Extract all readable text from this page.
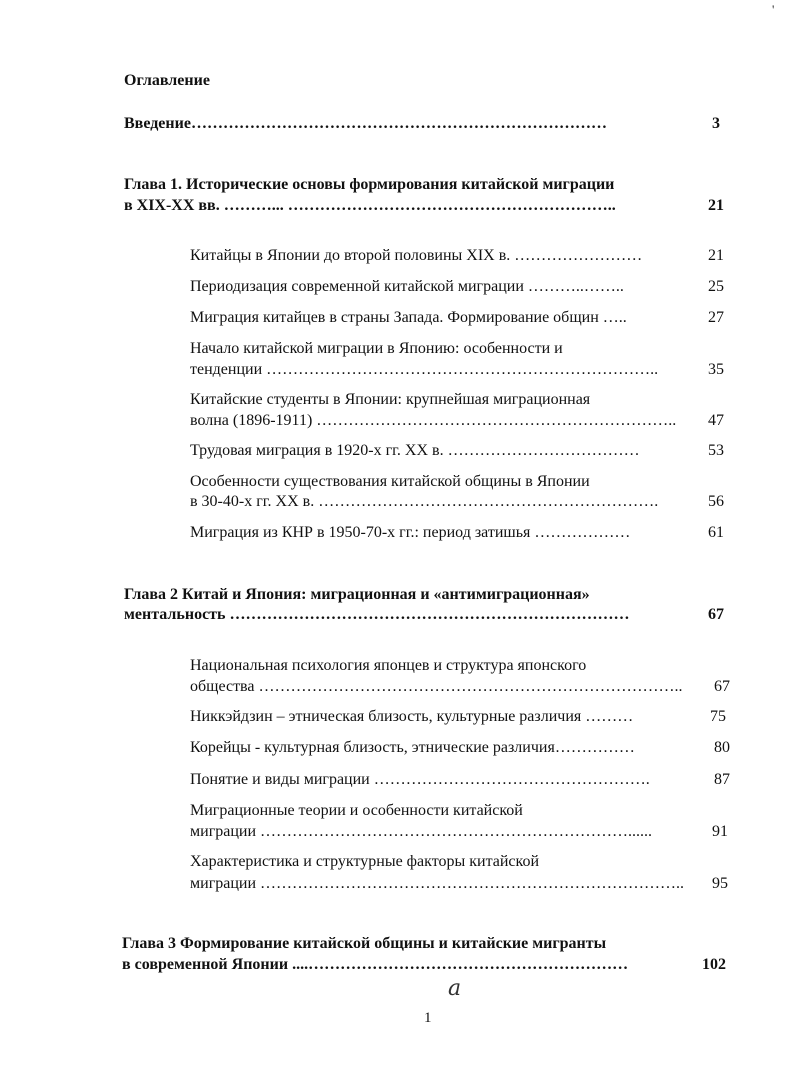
'
Оглавление
Введение……………………………………………………………………	3
Глава 1. Исторические основы формирования китайской миграции
в XIX-XX вв. ………... ……………………………………………………..	21
Китайцы в Японии до второй половины XIX в. ……………………	21
Периодизация современной китайской миграции ………..……..	25
Миграция китайцев в страны Запада. Формирование общин …..	27
Начало китайской миграции в Японию: особенности и
тенденции ………………………………………………………………..	35
Китайские студенты в Японии: крупнейшая миграционная
волна (1896-1911) ………………………………………………………….. 47
Трудовая миграция в 1920-х гг. XX в. ………………………………	53
Особенности существования китайской общины в Японии
в 30-40-х гг. XX в. ……………………………………………………….	56
Миграция из КНР в 1950-70-х гг.: период затишья ………………	61
Глава 2 Китай и Япония: миграционная и «антимиграционная»
ментальность …………………………………………………………………	67
Национальная психология японцев и структура японского
общества …………………………………………………………………….. 67
Никкэйдзин – этническая близость, культурные различия ………	75
Корейцы - культурная близость, этнические различия……………	80
Понятие и виды миграции …………………………………………….	87
Миграционные теории и особенности китайской
миграции ……………………………………………………………......	91
Характеристика и структурные факторы китайской
миграции …………………………………………………………………….. 95
Глава 3 Формирование китайской общины и китайские мигранты
в современной Японии ....……………………………………………………	102
a
1
